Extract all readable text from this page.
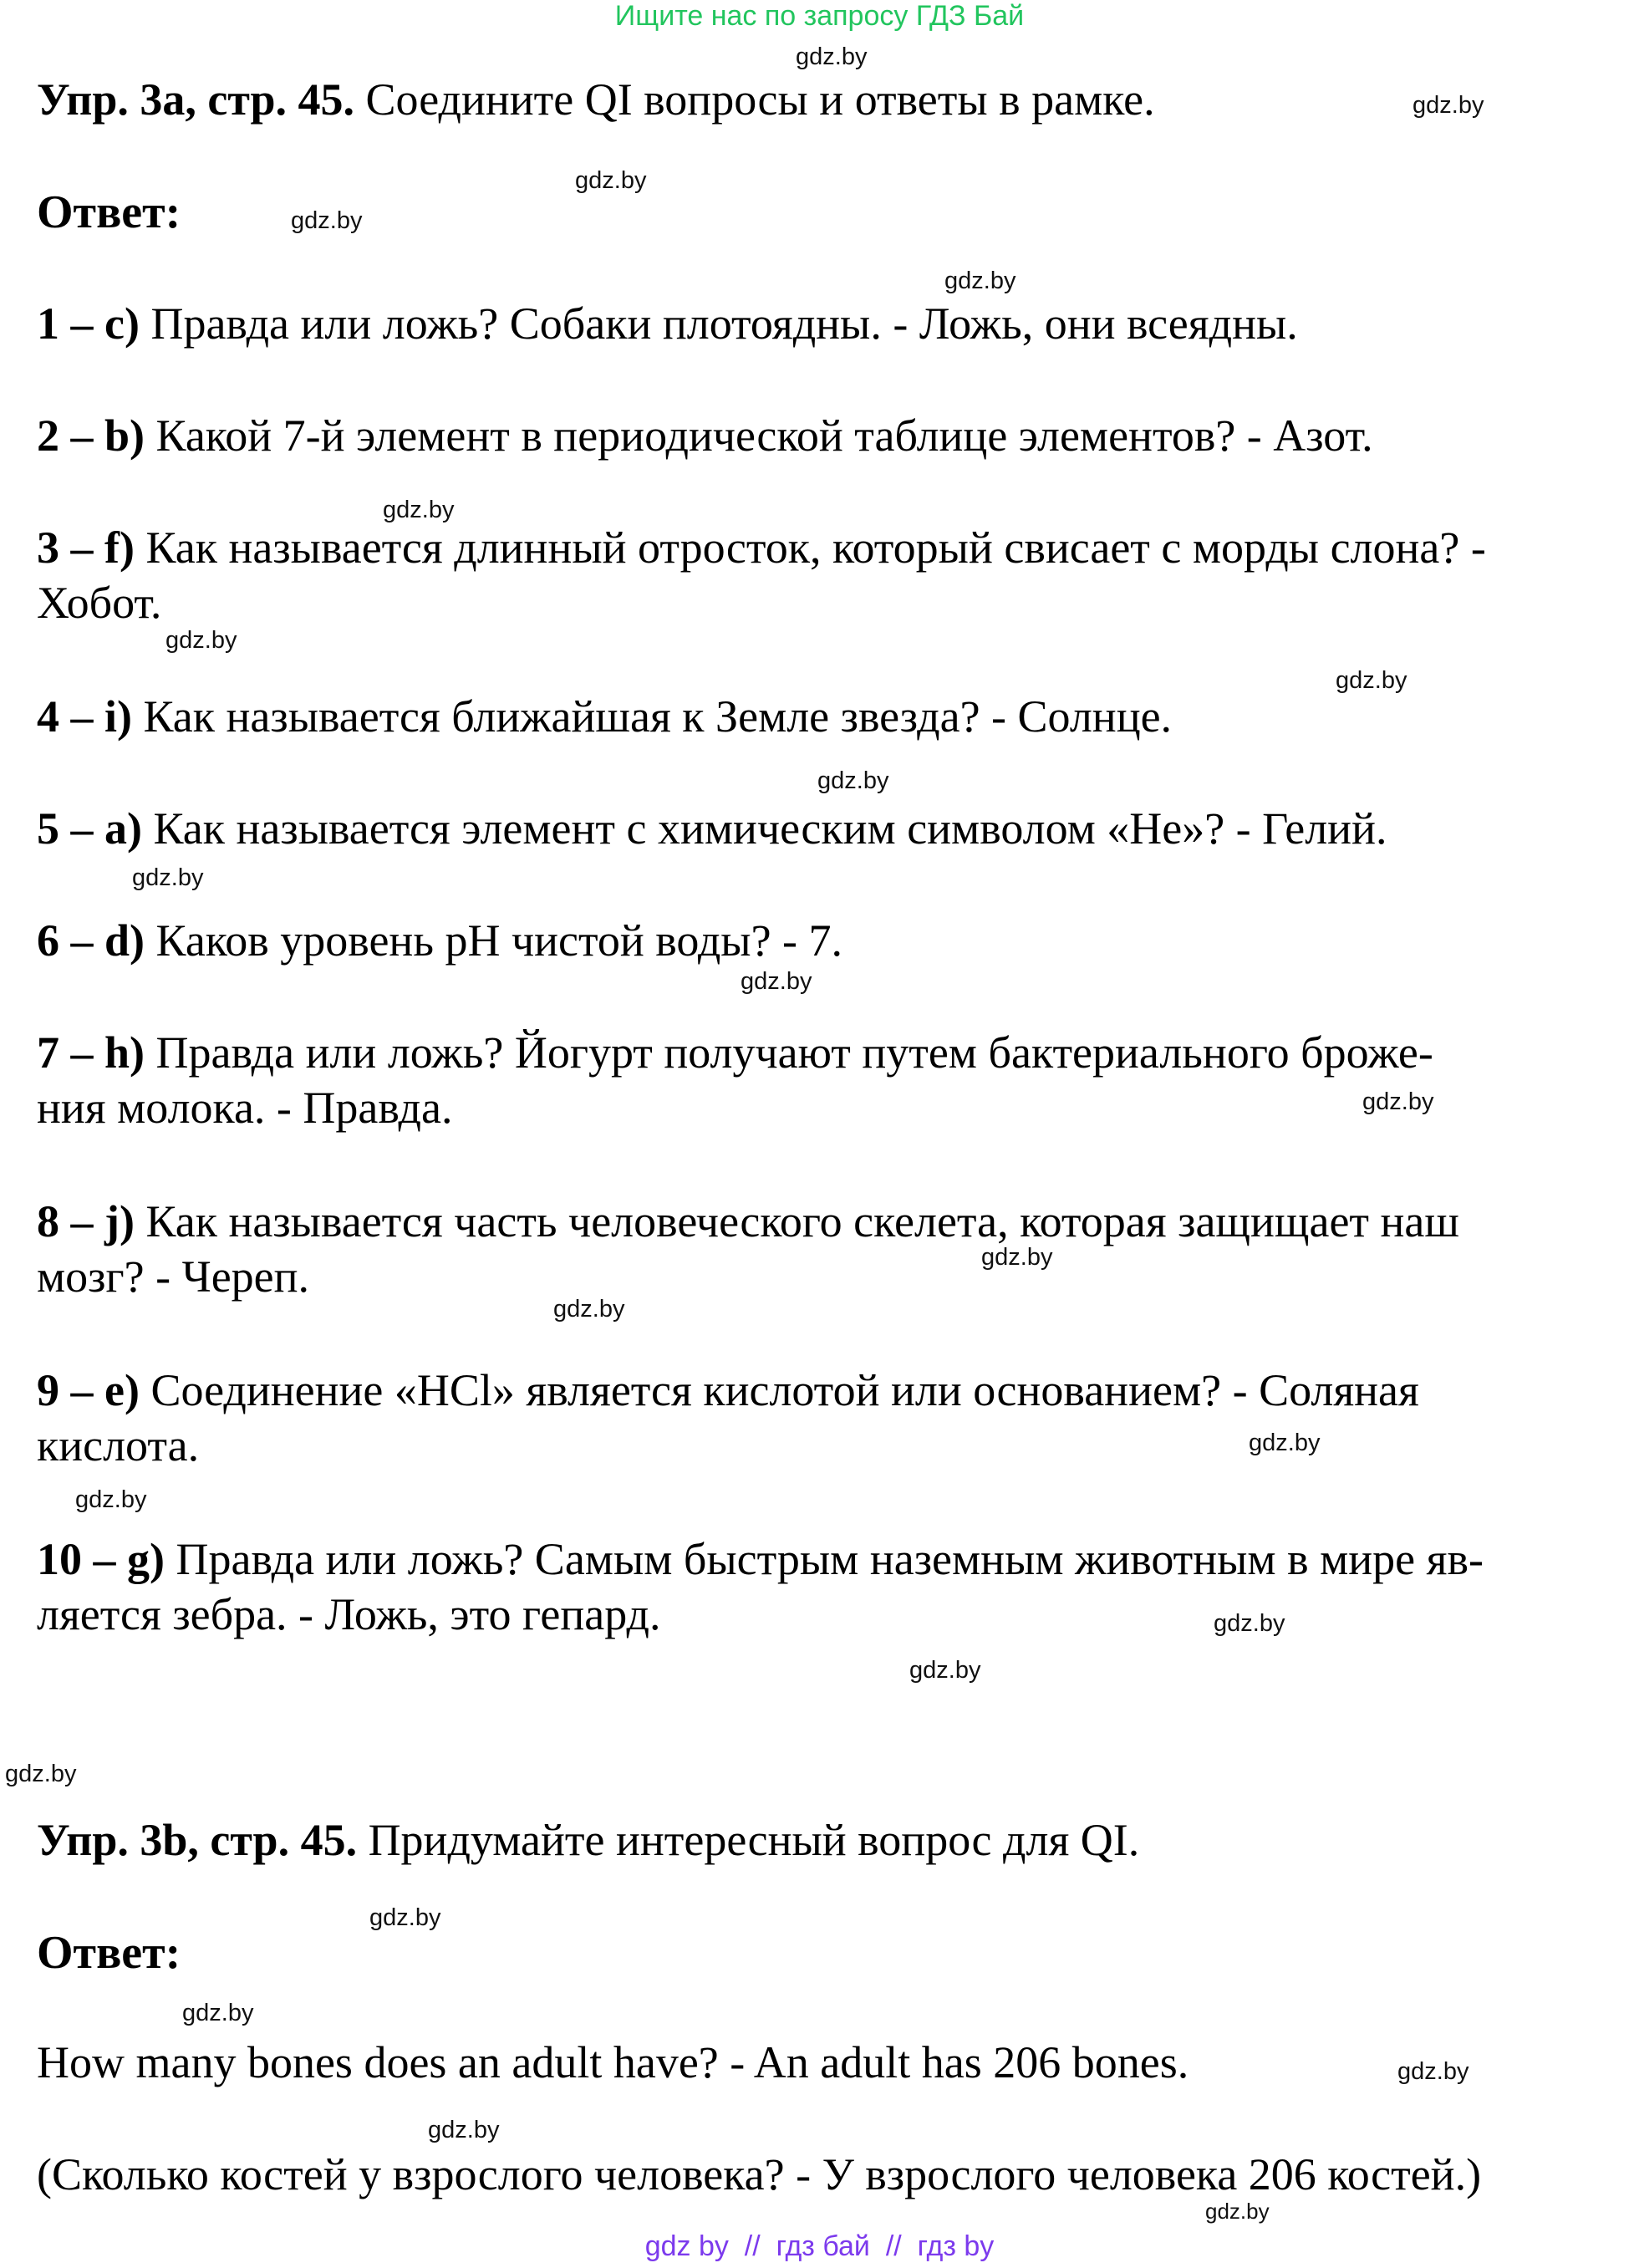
Ищите нас по запросу ГДЗ Бай
gdz.by
gdz.by
gdz.by
gdz.by
gdz.by
gdz.by
gdz.by
gdz.by
gdz.by
gdz.by
gdz.by
gdz.by
gdz.by
gdz.by
gdz.by
gdz.by
gdz.by
gdz.by
gdz.by
gdz.by
gdz.by
gdz.by
gdz.by
gdz.by
Упр. 3а, стр. 45. Соедините QI вопросы и ответы в рамке.
Ответ:
1 – c) Правда или ложь? Собаки плотоядны. - Ложь, они всеядны.
2 – b) Какой 7-й элемент в периодической таблице элементов? - Азот.
3 – f) Как называется длинный отросток, который свисает с морды слона? -
Хобот.
4 – i) Как называется ближайшая к Земле звезда? - Солнце.
5 – a) Как называется элемент с химическим символом «He»? - Гелий.
6 – d) Каков уровень pH чистой воды? - 7.
7 – h) Правда или ложь? Йогурт получают путем бактериального броже-
ния молока. - Правда.
8 – j) Как называется часть человеческого скелета, которая защищает наш
мозг? - Череп.
9 – e) Соединение «HCl» является кислотой или основанием? - Соляная
кислота.
10 – g) Правда или ложь? Самым быстрым наземным животным в мире яв-
ляется зебра. - Ложь, это гепард.
Упр. 3b, стр. 45. Придумайте интересный вопрос для QI.
Ответ:
How many bones does an adult have? - An adult has 206 bones.
(Сколько костей у взрослого человека? - У взрослого человека 206 костей.)
gdz by  //  гдз бай  //  гдз by
